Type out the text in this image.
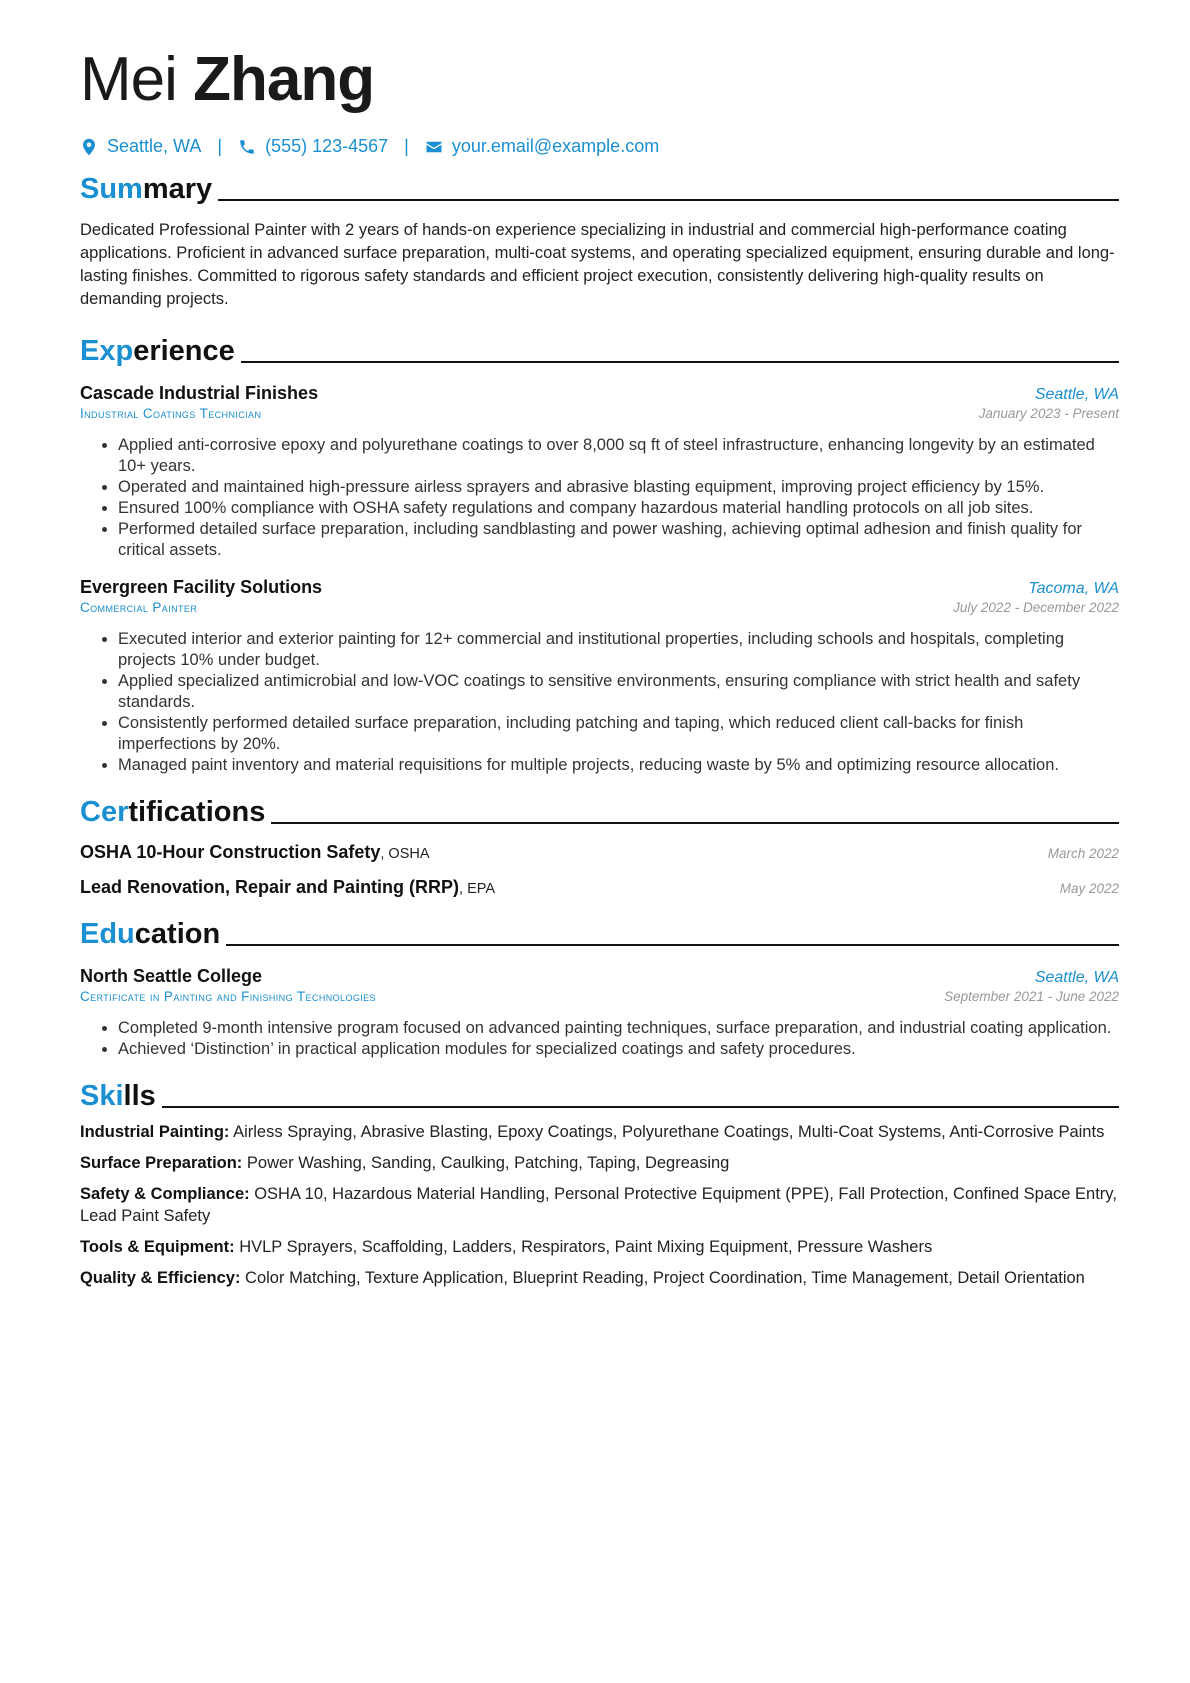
Mei Zhang
Seattle, WA | (555) 123-4567 | your.email@example.com
Summary
Dedicated Professional Painter with 2 years of hands-on experience specializing in industrial and commercial high-performance coating applications. Proficient in advanced surface preparation, multi-coat systems, and operating specialized equipment, ensuring durable and long-lasting finishes. Committed to rigorous safety standards and efficient project execution, consistently delivering high-quality results on demanding projects.
Experience
Cascade Industrial Finishes	Seattle, WA
Industrial Coatings Technician	January 2023 - Present
• Applied anti-corrosive epoxy and polyurethane coatings to over 8,000 sq ft of steel infrastructure, enhancing longevity by an estimated 10+ years.
• Operated and maintained high-pressure airless sprayers and abrasive blasting equipment, improving project efficiency by 15%.
• Ensured 100% compliance with OSHA safety regulations and company hazardous material handling protocols on all job sites.
• Performed detailed surface preparation, including sandblasting and power washing, achieving optimal adhesion and finish quality for critical assets.
Evergreen Facility Solutions	Tacoma, WA
Commercial Painter	July 2022 - December 2022
• Executed interior and exterior painting for 12+ commercial and institutional properties, including schools and hospitals, completing projects 10% under budget.
• Applied specialized antimicrobial and low-VOC coatings to sensitive environments, ensuring compliance with strict health and safety standards.
• Consistently performed detailed surface preparation, including patching and taping, which reduced client call-backs for finish imperfections by 20%.
• Managed paint inventory and material requisitions for multiple projects, reducing waste by 5% and optimizing resource allocation.
Certifications
OSHA 10-Hour Construction Safety, OSHA	March 2022
Lead Renovation, Repair and Painting (RRP), EPA	May 2022
Education
North Seattle College	Seattle, WA
Certificate in Painting and Finishing Technologies	September 2021 - June 2022
• Completed 9-month intensive program focused on advanced painting techniques, surface preparation, and industrial coating application.
• Achieved ‘Distinction’ in practical application modules for specialized coatings and safety procedures.
Skills
Industrial Painting: Airless Spraying, Abrasive Blasting, Epoxy Coatings, Polyurethane Coatings, Multi-Coat Systems, Anti-Corrosive Paints
Surface Preparation: Power Washing, Sanding, Caulking, Patching, Taping, Degreasing
Safety & Compliance: OSHA 10, Hazardous Material Handling, Personal Protective Equipment (PPE), Fall Protection, Confined Space Entry, Lead Paint Safety
Tools & Equipment: HVLP Sprayers, Scaffolding, Ladders, Respirators, Paint Mixing Equipment, Pressure Washers
Quality & Efficiency: Color Matching, Texture Application, Blueprint Reading, Project Coordination, Time Management, Detail Orientation
